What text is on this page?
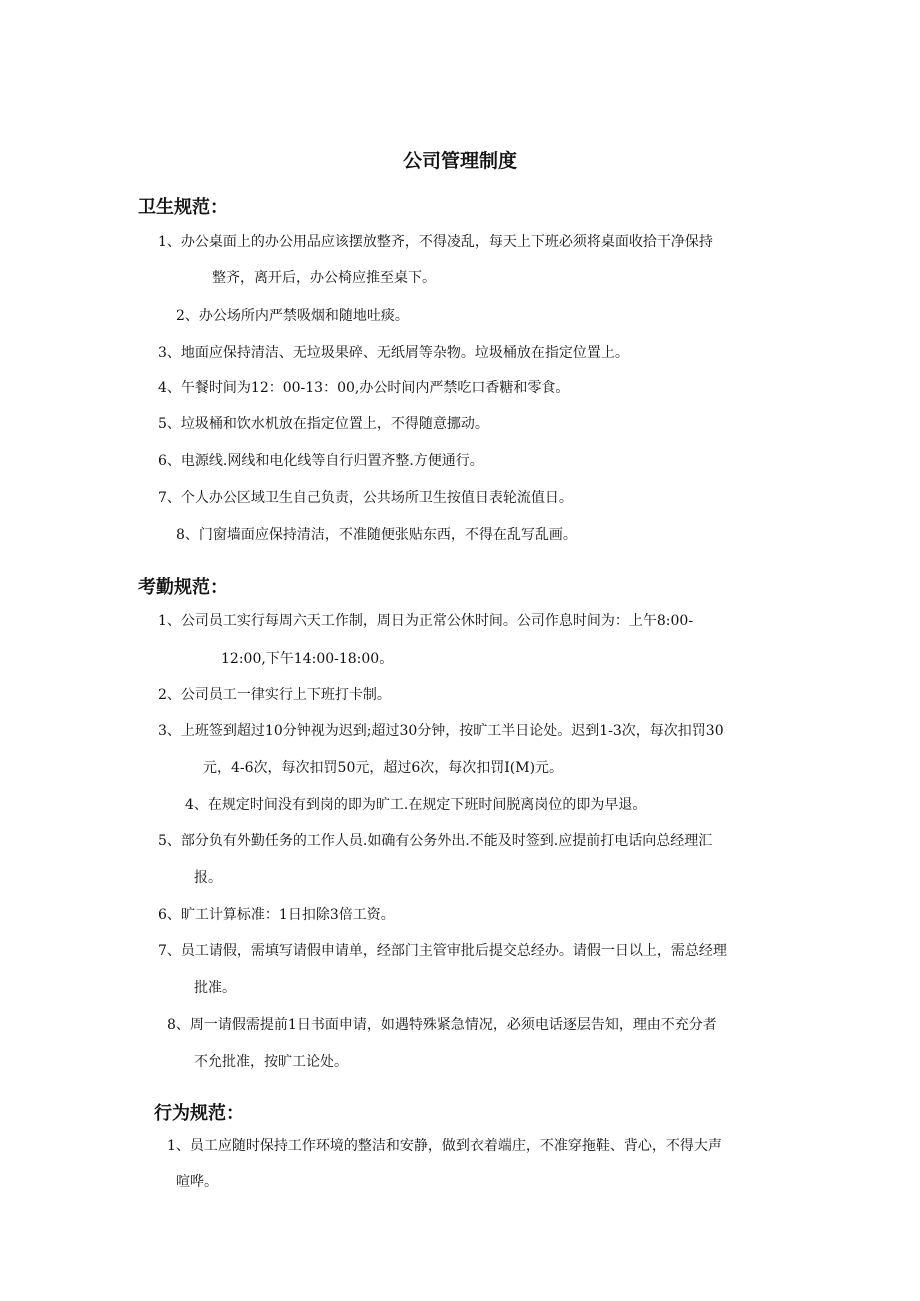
公司管理制度
卫生规范：
1、办公桌面上的办公用品应该摆放整齐，不得凌乱，每天上下班必须将桌面收拾干净保持
整齐，离开后，办公椅应推至桌下。
2、办公场所内严禁吸烟和随地吐痰。
3、地面应保持清洁、无垃圾果碎、无纸屑等杂物。垃圾桶放在指定位置上。
4、午餐时间为12：00-13：00,办公时间内严禁吃口香糖和零食。
5、垃圾桶和饮水机放在指定位置上，不得随意挪动。
6、电源线.网线和电化线等自行归置齐整.方便通行。
7、个人办公区域卫生自己负责，公共场所卫生按值日表轮流值日。
8、门窗墙面应保持清洁，不准随便张贴东西，不得在乱写乱画。
考勤规范：
1、公司员工实行每周六天工作制，周日为正常公休时间。公司作息时间为：上午8:00-
12:00,下午14:00-18:00。
2、公司员工一律实行上下班打卡制。
3、上班签到超过10分钟视为迟到;超过30分钟，按旷工半日论处。迟到1-3次，每次扣罚30
元，4-6次，每次扣罚50元，超过6次，每次扣罚I(M)元。
4、在规定时间没有到岗的即为旷工.在规定下班时间脱离岗位的即为早退。
5、部分负有外勤任务的工作人员.如确有公务外出.不能及时签到.应提前打电话向总经理汇
报。
6、旷工计算标准：1日扣除3倍工资。
7、员工请假，需填写请假申请单，经部门主管审批后提交总经办。请假一日以上，需总经理
批准。
8、周一请假需提前1日书面申请，如遇特殊紧急情况，必须电话逐层告知，理由不充分者
不允批准，按旷工论处。
行为规范：
1、员工应随时保持工作环境的整洁和安静，做到衣着端庄，不准穿拖鞋、背心，不得大声
喧哗。
